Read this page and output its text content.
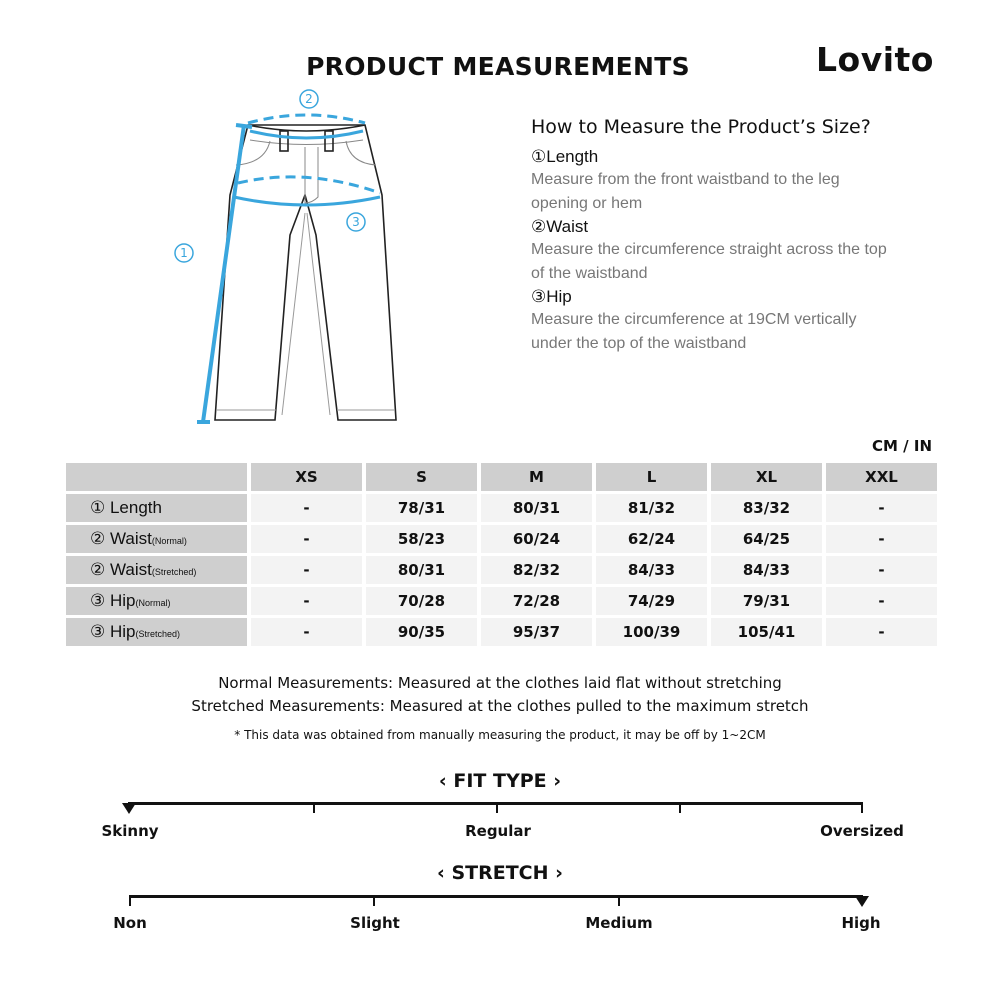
PRODUCT MEASUREMENTS	Lovito
2
3
1
How to Measure the Product’s Size?
①Length
Measure from the front waistband to the leg opening or hem
②Waist
Measure the circumference straight across the top of the waistband
③Hip
Measure the circumference at 19CM vertically under the top of the waistband
CM / IN
	XS	S	M	L	XL	XXL
① Length	-	78/31	80/31	81/32	83/32	-
② Waist(Normal)	-	58/23	60/24	62/24	64/25	-
② Waist(Stretched)	-	80/31	82/32	84/33	84/33	-
③ Hip(Normal)	-	70/28	72/28	74/29	79/31	-
③ Hip(Stretched)	-	90/35	95/37	100/39	105/41	-
Normal Measurements: Measured at the clothes laid flat without stretching
Stretched Measurements: Measured at the clothes pulled to the maximum stretch
* This data was obtained from manually measuring the product, it may be off by 1~2CM
‹ FIT TYPE ›
Skinny	Regular	Oversized
‹ STRETCH ›
Non	Slight	Medium	High
